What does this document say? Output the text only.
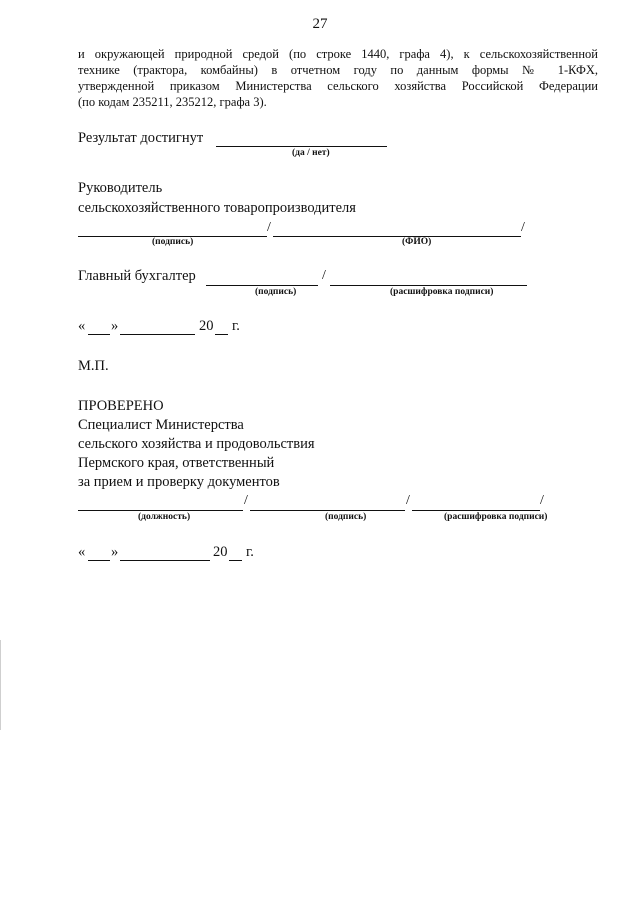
27
и окружающей природной средой (по строке 1440, графа 4), к сельскохозяйственной
технике (трактора, комбайны) в отчетном году по данным формы № 1-КФХ,
утвержденной приказом Министерства сельского хозяйства Российской Федерации
(по кодам 235211, 235212, графа 3).
Результат достигнут
(да / нет)
Руководитель
сельскохозяйственного товаропроизводителя
/	/
(подпись)	(ФИО)
Главный бухгалтер	/
(подпись)	(расшифровка подписи)
« »	20 г.
М.П.
ПРОВЕРЕНО
Специалист Министерства
сельского хозяйства и продовольствия
Пермского края, ответственный
за прием и проверку документов
/	/	/
(должность)	(подпись)	(расшифровка подписи)
« »	20 г.
